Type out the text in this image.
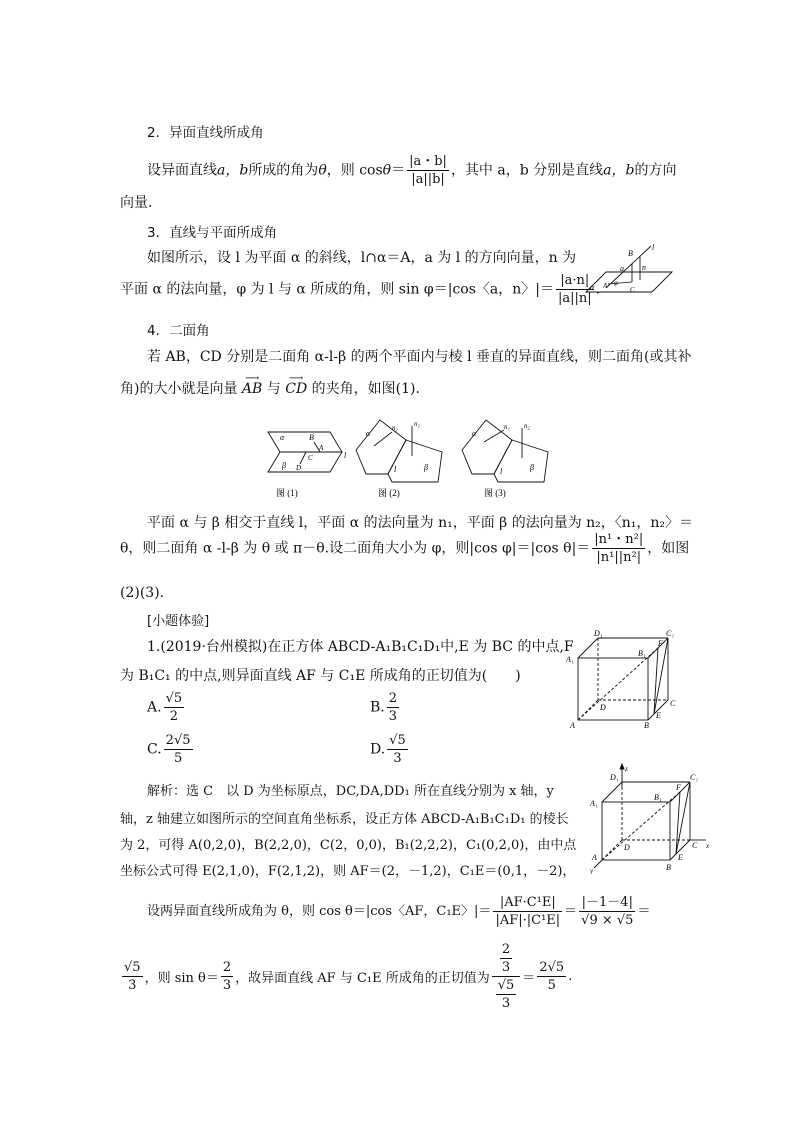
2．异面直线所成角
设异面直线a，b所成的角为θ，则 $\cos\theta= \frac{|a・b|}{|a||b|}$ ，其中 a，b 分别是直线a，b的方向
向量．
3．直线与平面所成角
如图所示，设 l 为平面 α 的斜线，l∩α＝A，a 为 l 的方向向量，n 为
平面 α 的法向量，φ 为 l 与 α 所成的角，则 sin φ＝|cos〈a，n〉|＝ $\frac{|a\cdot n|}{|a||n|}$ .
B
l
a n
α A φ
C
4．二面角
若 AB，CD 分别是二面角 α-l-β 的两个平面内与棱 l 垂直的异面直线，则二面角(或其补
角)的大小就是向量
⟶
AB 与
⟶
CD 的夹角，如图(1)．
α	B
A
C
β D
l
图 (1)
α
n₁ n₂
l	β
图 (2)
α
n₁ n₂
l	β
图 (3)
平面 α 与 β 相交于直线 l，平面 α 的法向量为 n₁，平面 β 的法向量为 n₂，〈n₁，n₂〉＝
θ，则二面角 α -l-β 为 θ 或 π－θ.设二面角大小为 φ，则|cos φ|＝|cos $\theta|= \frac{\text{|n¹・n²|}}{\text{|n¹||n²|}}$ ，如图
(2)(3)．
[小题体验]
1.(2019·台州模拟)在正方体 ABCD-A₁B₁C₁D₁中,E 为 BC 的中点,F
为 B₁C₁ 的中点,则异面直线 AF 与 C₁E 所成角的正切值为(　　)
A. $\frac{√5}{2}$	B. $\frac{2}{3}$
C. $\frac{2√5}{5}$	D. $\frac{√5}{3}$
D₁	C₁
A₁
B₁
F
D	C
A	B
E
解析：选 C　以 D 为坐标原点，DC,DA,DD₁ 所在直线分别为 x 轴，y
轴，z 轴建立如图所示的空间直角坐标系，设正方体 ABCD-A₁B₁C₁D₁ 的棱长
为 2，可得 A(0,2,0)，B(2,2,0)，C(2，0,0)，B₁(2,2,2)，C₁(0,2,0)，由中点
坐标公式可得 E(2,1,0)，F(2,1,2)，则 AF＝(2，－1,2)，C₁E＝(0,1，－2)，
z
D₁	C₁
A₁
B₁
F
D	C
A
x
y	B
E
设两异面直线所成角为 θ，则 cos θ＝|cos〈AF，C₁E〉|＝ $\frac{\text{|AF·C¹E|}}{\text{|AF|·|C¹E|}} = \frac{|-1-4|}{√9 \times √5}$ ＝
$\frac{√5}{3}$ ，则 $\sin \theta= \frac{2}{3}$ ，故异面直线 AF 与 C₁E 所成角的正切值为 $\frac{\frac{2}{3}}{\frac{√5}{3}} = \frac{2√5}{5}$ .
